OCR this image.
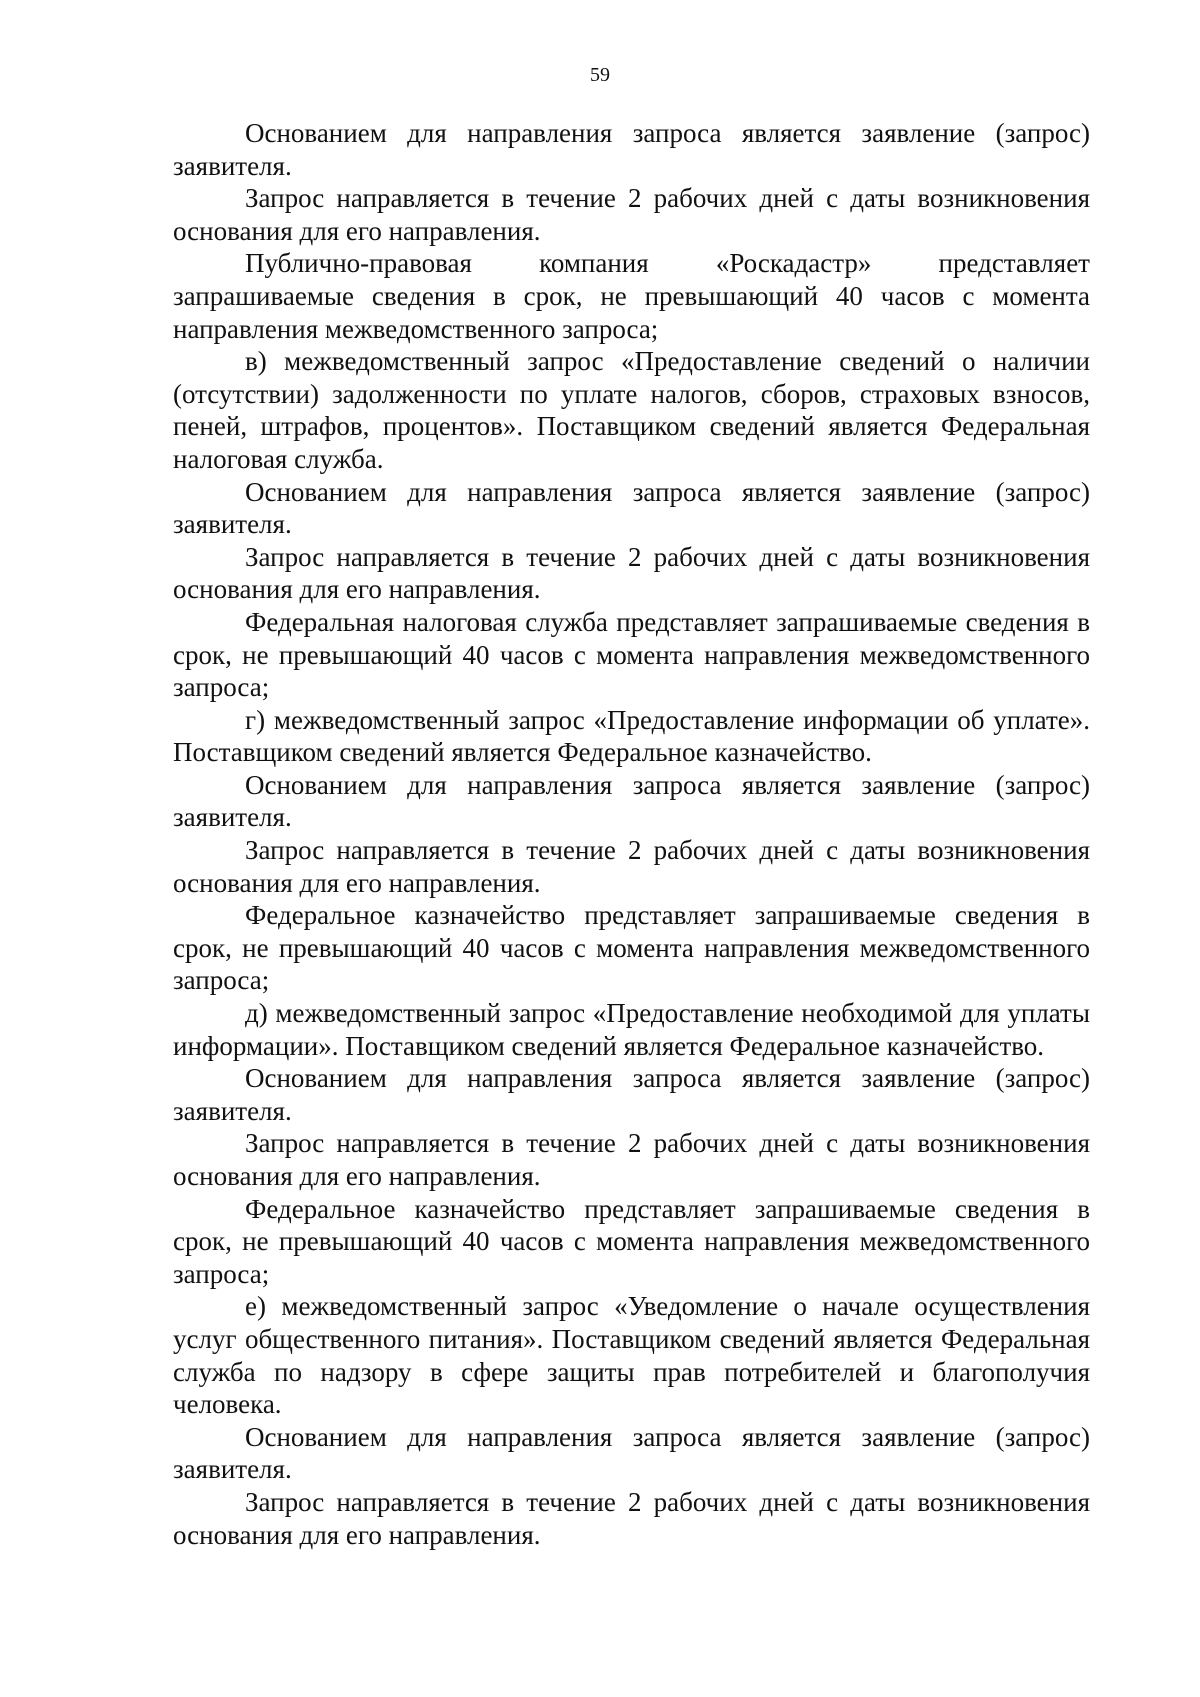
59

Основанием для направления запроса является заявление (запрос) заявителя.

Запрос направляется в течение 2 рабочих дней с даты возникновения основания для его направления.

Публично-правовая компания «Роскадастр» представляет запрашиваемые сведения в срок, не превышающий 40 часов с момента направления межведомственного запроса;

в) межведомственный запрос «Предоставление сведений о наличии (отсутствии) задолженности по уплате налогов, сборов, страховых взносов, пеней, штрафов, процентов». Поставщиком сведений является Федеральная налоговая служба.

Основанием для направления запроса является заявление (запрос) заявителя.

Запрос направляется в течение 2 рабочих дней с даты возникновения основания для его направления.

Федеральная налоговая служба представляет запрашиваемые сведения в срок, не превышающий 40 часов с момента направления межведомственного запроса;

г) межведомственный запрос «Предоставление информации об уплате». Поставщиком сведений является Федеральное казначейство.

Основанием для направления запроса является заявление (запрос) заявителя.

Запрос направляется в течение 2 рабочих дней с даты возникновения основания для его направления.

Федеральное казначейство представляет запрашиваемые сведения в срок, не превышающий 40 часов с момента направления межведомственного запроса;

д) межведомственный запрос «Предоставление необходимой для уплаты информации». Поставщиком сведений является Федеральное казначейство.

Основанием для направления запроса является заявление (запрос) заявителя.

Запрос направляется в течение 2 рабочих дней с даты возникновения основания для его направления.

Федеральное казначейство представляет запрашиваемые сведения в срок, не превышающий 40 часов с момента направления межведомственного запроса;

е) межведомственный запрос «Уведомление о начале осуществления услуг общественного питания». Поставщиком сведений является Федеральная служба по надзору в сфере защиты прав потребителей и благополучия человека.

Основанием для направления запроса является заявление (запрос) заявителя.

Запрос направляется в течение 2 рабочих дней с даты возникновения основания для его направления.
